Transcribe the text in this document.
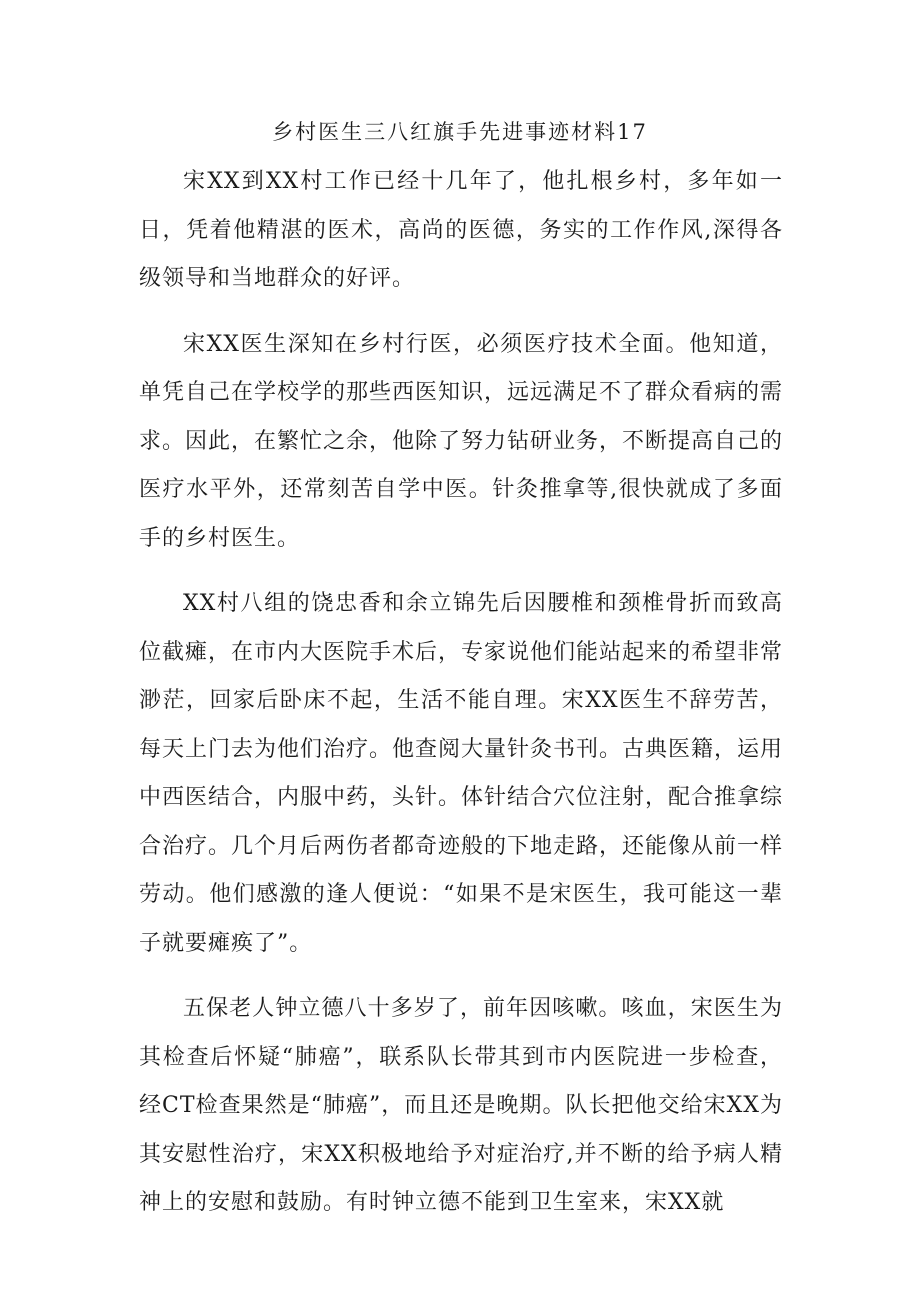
乡村医生三八红旗手先进事迹材料17

宋XX到XX村工作已经十几年了，他扎根乡村，多年如一日，凭着他精湛的医术，高尚的医德，务实的工作作风,深得各级领导和当地群众的好评。

宋XX医生深知在乡村行医，必须医疗技术全面。他知道，单凭自己在学校学的那些西医知识，远远满足不了群众看病的需求。因此，在繁忙之余，他除了努力钻研业务，不断提高自己的医疗水平外，还常刻苦自学中医。针灸推拿等,很快就成了多面手的乡村医生。

XX村八组的饶忠香和余立锦先后因腰椎和颈椎骨折而致高位截瘫，在市内大医院手术后，专家说他们能站起来的希望非常渺茫，回家后卧床不起，生活不能自理。宋XX医生不辞劳苦，每天上门去为他们治疗。他查阅大量针灸书刊。古典医籍，运用中西医结合，内服中药，头针。体针结合穴位注射，配合推拿综合治疗。几个月后两伤者都奇迹般的下地走路，还能像从前一样劳动。他们感激的逢人便说：“如果不是宋医生，我可能这一辈子就要瘫痪了”。

五保老人钟立德八十多岁了，前年因咳嗽。咳血，宋医生为其检查后怀疑“肺癌”，联系队长带其到市内医院进一步检查，经CT检查果然是“肺癌”，而且还是晚期。队长把他交给宋XX为其安慰性治疗，宋XX积极地给予对症治疗,并不断的给予病人精神上的安慰和鼓励。有时钟立德不能到卫生室来，宋XX就
